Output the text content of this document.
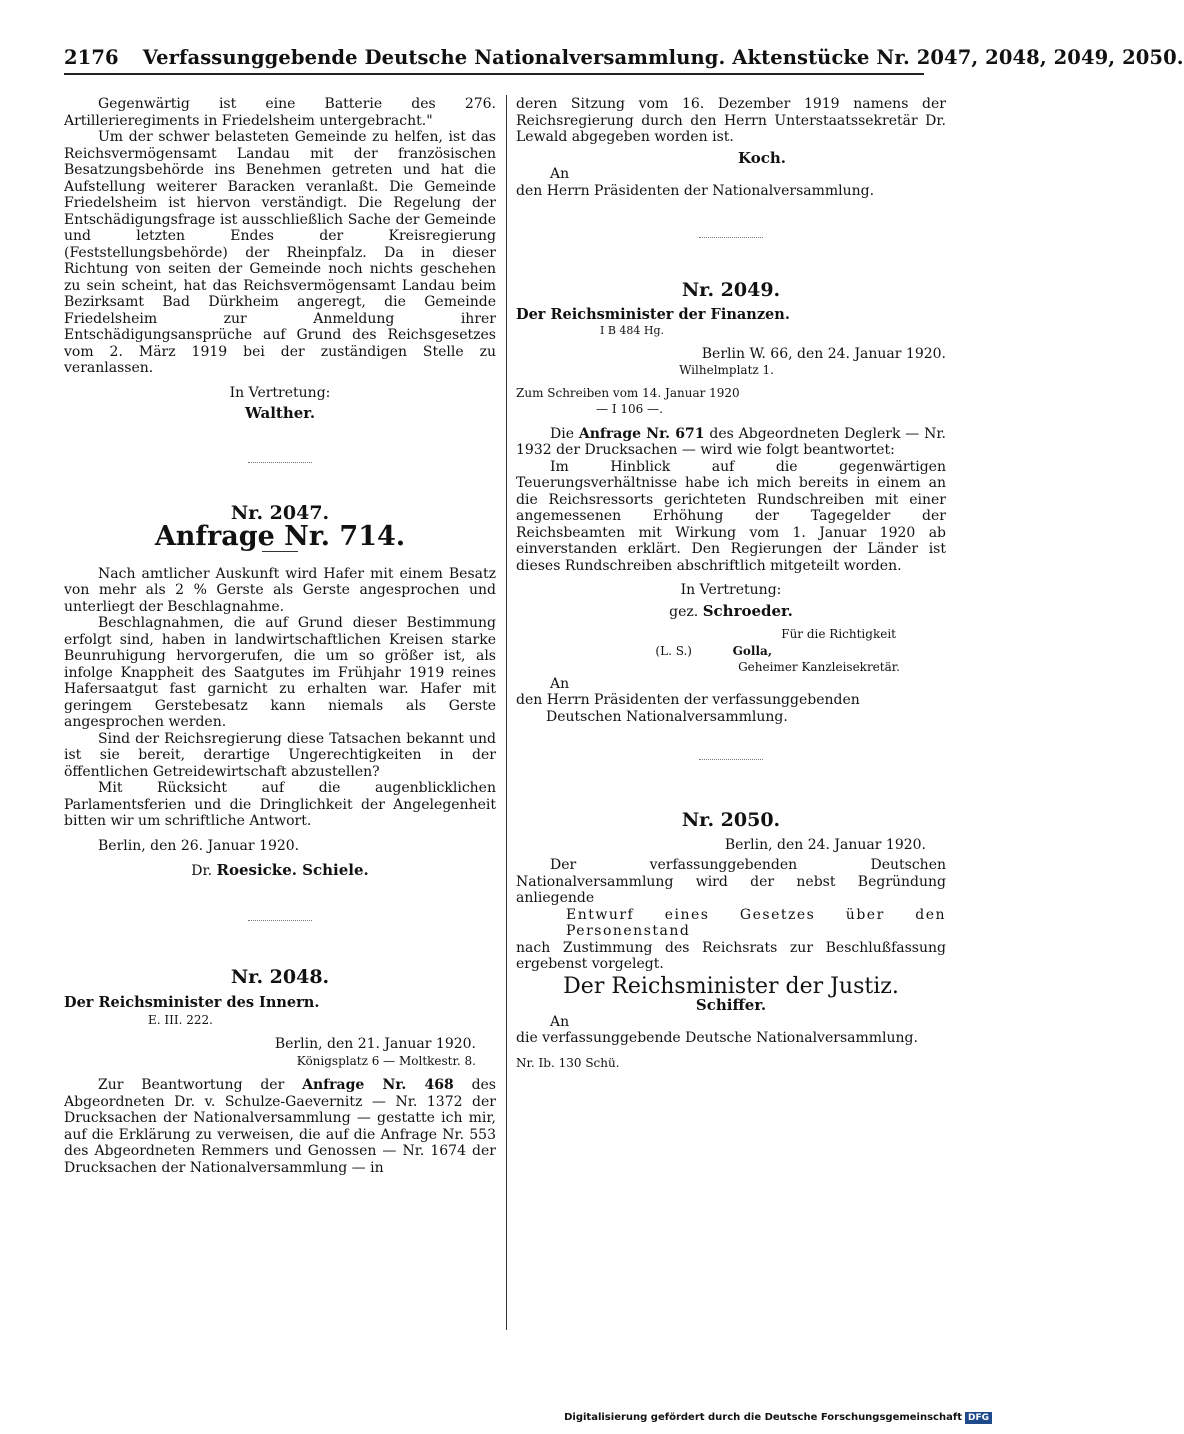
2176 Verfassunggebende Deutsche Nationalversammlung. Aktenstücke Nr. 2047, 2048, 2049, 2050.

Gegenwärtig ist eine Batterie des 276. Artillerieregiments in Friedelsheim untergebracht."

Um der schwer belasteten Gemeinde zu helfen, ist das Reichsvermögensamt Landau mit der französischen Besatzungsbehörde ins Benehmen getreten und hat die Aufstellung weiterer Baracken veranlaßt. Die Gemeinde Friedelsheim ist hiervon verständigt. Die Regelung der Entschädigungsfrage ist ausschließlich Sache der Gemeinde und letzten Endes der Kreisregierung (Feststellungsbehörde) der Rheinpfalz. Da in dieser Richtung von seiten der Gemeinde noch nichts geschehen zu sein scheint, hat das Reichsvermögensamt Landau beim Bezirksamt Bad Dürkheim angeregt, die Gemeinde Friedelsheim zur Anmeldung ihrer Entschädigungsansprüche auf Grund des Reichsgesetzes vom 2. März 1919 bei der zuständigen Stelle zu veranlassen.

In Vertretung:

Walther.

Nr. 2047.
Anfrage Nr. 714.

Nach amtlicher Auskunft wird Hafer mit einem Besatz von mehr als 2 % Gerste als Gerste angesprochen und unterliegt der Beschlagnahme.

Beschlagnahmen, die auf Grund dieser Bestimmung erfolgt sind, haben in landwirtschaftlichen Kreisen starke Beunruhigung hervorgerufen, die um so größer ist, als infolge Knappheit des Saatgutes im Frühjahr 1919 reines Hafersaatgut fast garnicht zu erhalten war. Hafer mit geringem Gerstebesatz kann niemals als Gerste angesprochen werden.

Sind der Reichsregierung diese Tatsachen bekannt und ist sie bereit, derartige Ungerechtigkeiten in der öffentlichen Getreidewirtschaft abzustellen?

Mit Rücksicht auf die augenblicklichen Parlamentsferien und die Dringlichkeit der Angelegenheit bitten wir um schriftliche Antwort.

Berlin, den 26. Januar 1920.

Dr. Roesicke. Schiele.

Nr. 2048.

Der Reichsminister des Innern.

E. III. 222.

Berlin, den 21. Januar 1920.

Königsplatz 6 — Moltkestr. 8.

Zur Beantwortung der Anfrage Nr. 468 des Abgeordneten Dr. v. Schulze-Gaevernitz — Nr. 1372 der Drucksachen der Nationalversammlung — gestatte ich mir, auf die Erklärung zu verweisen, die auf die Anfrage Nr. 553 des Abgeordneten Remmers und Genossen — Nr. 1674 der Drucksachen der Nationalversammlung — in

deren Sitzung vom 16. Dezember 1919 namens der Reichsregierung durch den Herrn Unterstaatssekretär Dr. Lewald abgegeben worden ist.

Koch.

An

den Herrn Präsidenten der Nationalversammlung.

Nr. 2049.

Der Reichsminister der Finanzen.

I B 484 Hg.

Berlin W. 66, den 24. Januar 1920.

Wilhelmplatz 1.

Zum Schreiben vom 14. Januar 1920

— I 106 —.

Die Anfrage Nr. 671 des Abgeordneten Deglerk — Nr. 1932 der Drucksachen — wird wie folgt beantwortet:

Im Hinblick auf die gegenwärtigen Teuerungsverhältnisse habe ich mich bereits in einem an die Reichsressorts gerichteten Rundschreiben mit einer angemessenen Erhöhung der Tagegelder der Reichsbeamten mit Wirkung vom 1. Januar 1920 ab einverstanden erklärt. Den Regierungen der Länder ist dieses Rundschreiben abschriftlich mitgeteilt worden.

In Vertretung:

gez. Schroeder.

Für die Richtigkeit

(L. S.)	Golla,

Geheimer Kanzleisekretär.

An

den Herrn Präsidenten der verfassunggebenden

Deutschen Nationalversammlung.

Nr. 2050.

Berlin, den 24. Januar 1920.

Der verfassunggebenden Deutschen Nationalversammlung wird der nebst Begründung anliegende

Entwurf eines Gesetzes über den Personenstand

nach Zustimmung des Reichsrats zur Beschlußfassung ergebenst vorgelegt.

Der Reichsminister der Justiz.

Schiffer.

An

die verfassunggebende Deutsche Nationalversammlung.

Nr. Ib. 130 Schü.

Digitalisierung gefördert durch die Deutsche Forschungsgemeinschaft DFG
